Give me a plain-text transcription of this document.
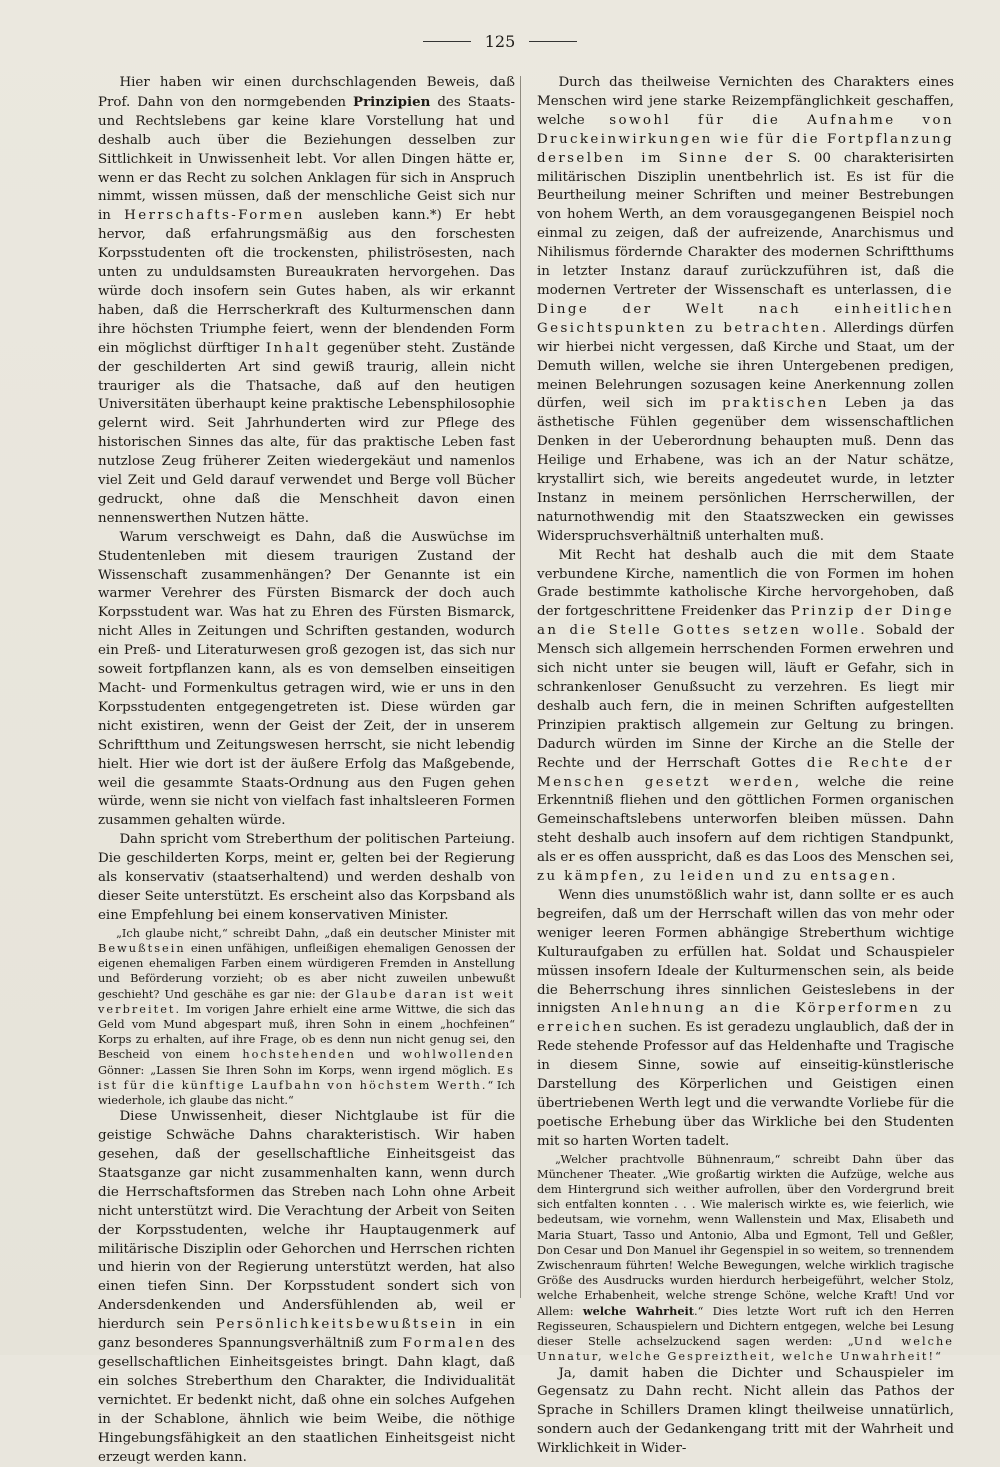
125

Hier haben wir einen durchschlagenden Beweis, daß Prof. Dahn von den normgebenden Prinzipien des Staats- und Rechtslebens gar keine klare Vorstellung hat und deshalb auch über die Beziehungen desselben zur Sittlichkeit in Unwissenheit lebt. Vor allen Dingen hätte er, wenn er das Recht zu solchen Anklagen für sich in Anspruch nimmt, wissen müssen, daß der menschliche Geist sich nur in Herrschafts-Formen ausleben kann.*) Er hebt hervor, daß erfahrungsmäßig aus den forschesten Korpsstudenten oft die trockensten, philiströsesten, nach unten zu unduldsamsten Bureaukraten hervorgehen. Das würde doch insofern sein Gutes haben, als wir erkannt haben, daß die Herrscherkraft des Kulturmenschen dann ihre höchsten Triumphe feiert, wenn der blendenden Form ein möglichst dürftiger Inhalt gegenüber steht. Zustände der geschilderten Art sind gewiß traurig, allein nicht trauriger als die Thatsache, daß auf den heutigen Universitäten überhaupt keine praktische Lebensphilosophie gelernt wird. Seit Jahrhunderten wird zur Pflege des historischen Sinnes das alte, für das praktische Leben fast nutzlose Zeug früherer Zeiten wiedergekäut und namenlos viel Zeit und Geld darauf verwendet und Berge voll Bücher gedruckt, ohne daß die Menschheit davon einen nennenswerthen Nutzen hätte.

Warum verschweigt es Dahn, daß die Auswüchse im Studentenleben mit diesem traurigen Zustand der Wissenschaft zusammenhängen? Der Genannte ist ein warmer Verehrer des Fürsten Bismarck der doch auch Korpsstudent war. Was hat zu Ehren des Fürsten Bismarck, nicht Alles in Zeitungen und Schriften gestanden, wodurch ein Preß- und Literaturwesen groß gezogen ist, das sich nur soweit fortpflanzen kann, als es von demselben einseitigen Macht- und Formenkultus getragen wird, wie er uns in den Korpsstudenten entgegengetreten ist. Diese würden gar nicht existiren, wenn der Geist der Zeit, der in unserem Schriftthum und Zeitungswesen herrscht, sie nicht lebendig hielt. Hier wie dort ist der äußere Erfolg das Maßgebende, weil die gesammte Staats-Ordnung aus den Fugen gehen würde, wenn sie nicht von vielfach fast inhaltsleeren Formen zusammen gehalten würde.

Dahn spricht vom Streberthum der politischen Parteiung. Die geschilderten Korps, meint er, gelten bei der Regierung als konservativ (staatserhaltend) und werden deshalb von dieser Seite unterstützt. Es erscheint also das Korpsband als eine Empfehlung bei einem konservativen Minister.

„Ich glaube nicht,“ schreibt Dahn, „daß ein deutscher Minister mit Bewußtsein einen unfähigen, unfleißigen ehemaligen Genossen der eigenen ehemaligen Farben einem würdigeren Fremden in Anstellung und Beförderung vorzieht; ob es aber nicht zuweilen unbewußt geschieht? Und geschähe es gar nie: der Glaube daran ist weit verbreitet. Im vorigen Jahre erhielt eine arme Wittwe, die sich das Geld vom Mund abgespart muß, ihren Sohn in einem „hochfeinen“ Korps zu erhalten, auf ihre Frage, ob es denn nun nicht genug sei, den Bescheid von einem hochstehenden und wohlwollenden Gönner: „Lassen Sie Ihren Sohn im Korps, wenn irgend möglich. Es ist für die künftige Laufbahn von höchstem Werth.“ Ich wiederhole, ich glaube das nicht.“

Diese Unwissenheit, dieser Nichtglaube ist für die geistige Schwäche Dahns charakteristisch. Wir haben gesehen, daß der gesellschaftliche Einheitsgeist das Staatsganze gar nicht zusammenhalten kann, wenn durch die Herrschaftsformen das Streben nach Lohn ohne Arbeit nicht unterstützt wird. Die Verachtung der Arbeit von Seiten der Korpsstudenten, welche ihr Hauptaugenmerk auf militärische Disziplin oder Gehorchen und Herrschen richten und hierin von der Regierung unterstützt werden, hat also einen tiefen Sinn. Der Korpsstudent sondert sich von Andersdenkenden und Andersfühlenden ab, weil er hierdurch sein Persönlichkeitsbewußtsein in ein ganz besonderes Spannungsverhältniß zum Formalen des gesellschaftlichen Einheitsgeistes bringt. Dahn klagt, daß ein solches Streberthum den Charakter, die Individualität vernichtet. Er bedenkt nicht, daß ohne ein solches Aufgehen in der Schablone, ähnlich wie beim Weibe, die nöthige Hingebungsfähigkeit an den staatlichen Einheitsgeist nicht erzeugt werden kann.

Durch das theilweise Vernichten des Charakters eines Menschen wird jene starke Reizempfänglichkeit geschaffen, welche sowohl für die Aufnahme von Druckeinwirkungen wie für die Fortpflanzung derselben im Sinne der S. 00 charakterisirten militärischen Disziplin unentbehrlich ist. Es ist für die Beurtheilung meiner Schriften und meiner Bestrebungen von hohem Werth, an dem vorausgegangenen Beispiel noch einmal zu zeigen, daß der aufreizende, Anarchismus und Nihilismus fördernde Charakter des modernen Schriftthums in letzter Instanz darauf zurückzuführen ist, daß die modernen Vertreter der Wissenschaft es unterlassen, die Dinge der Welt nach einheitlichen Gesichtspunkten zu betrachten. Allerdings dürfen wir hierbei nicht vergessen, daß Kirche und Staat, um der Demuth willen, welche sie ihren Untergebenen predigen, meinen Belehrungen sozusagen keine Anerkennung zollen dürfen, weil sich im praktischen Leben ja das ästhetische Fühlen gegenüber dem wissenschaftlichen Denken in der Ueberordnung behaupten muß. Denn das Heilige und Erhabene, was ich an der Natur schätze, krystallirt sich, wie bereits angedeutet wurde, in letzter Instanz in meinem persönlichen Herrscherwillen, der naturnothwendig mit den Staatszwecken ein gewisses Widerspruchsverhältniß unterhalten muß.

Mit Recht hat deshalb auch die mit dem Staate verbundene Kirche, namentlich die von Formen im hohen Grade bestimmte katholische Kirche hervorgehoben, daß der fortgeschrittene Freidenker das Prinzip der Dinge an die Stelle Gottes setzen wolle. Sobald der Mensch sich allgemein herrschenden Formen erwehren und sich nicht unter sie beugen will, läuft er Gefahr, sich in schrankenloser Genußsucht zu verzehren. Es liegt mir deshalb auch fern, die in meinen Schriften aufgestellten Prinzipien praktisch allgemein zur Geltung zu bringen. Dadurch würden im Sinne der Kirche an die Stelle der Rechte und der Herrschaft Gottes die Rechte der Menschen gesetzt werden, welche die reine Erkenntniß fliehen und den göttlichen Formen organischen Gemeinschaftslebens unterworfen bleiben müssen. Dahn steht deshalb auch insofern auf dem richtigen Standpunkt, als er es offen ausspricht, daß es das Loos des Menschen sei, zu kämpfen, zu leiden und zu entsagen.

Wenn dies unumstößlich wahr ist, dann sollte er es auch begreifen, daß um der Herrschaft willen das von mehr oder weniger leeren Formen abhängige Streberthum wichtige Kulturaufgaben zu erfüllen hat. Soldat und Schauspieler müssen insofern Ideale der Kulturmenschen sein, als beide die Beherrschung ihres sinnlichen Geisteslebens in der innigsten Anlehnung an die Körperformen zu erreichen suchen. Es ist geradezu unglaublich, daß der in Rede stehende Professor auf das Heldenhafte und Tragische in diesem Sinne, sowie auf einseitig-künstlerische Darstellung des Körperlichen und Geistigen einen übertriebenen Werth legt und die verwandte Vorliebe für die poetische Erhebung über das Wirkliche bei den Studenten mit so harten Worten tadelt.

„Welcher prachtvolle Bühnenraum,“ schreibt Dahn über das Münchener Theater. „Wie großartig wirkten die Aufzüge, welche aus dem Hintergrund sich weither aufrollen, über den Vordergrund breit sich entfalten konnten . . . Wie malerisch wirkte es, wie feierlich, wie bedeutsam, wie vornehm, wenn Wallenstein und Max, Elisabeth und Maria Stuart, Tasso und Antonio, Alba und Egmont, Tell und Geßler, Don Cesar und Don Manuel ihr Gegenspiel in so weitem, so trennendem Zwischenraum führten! Welche Bewegungen, welche wirklich tragische Größe des Ausdrucks wurden hierdurch herbeigeführt, welcher Stolz, welche Erhabenheit, welche strenge Schöne, welche Kraft! Und vor Allem: welche Wahrheit.“ Dies letzte Wort ruft ich den Herren Regisseuren, Schauspielern und Dichtern entgegen, welche bei Lesung dieser Stelle achselzuckend sagen werden: „Und welche Unnatur, welche Gespreiztheit, welche Unwahrheit!“

Ja, damit haben die Dichter und Schauspieler im Gegensatz zu Dahn recht. Nicht allein das Pathos der Sprache in Schillers Dramen klingt theilweise unnatürlich, sondern auch der Gedankengang tritt mit der Wahrheit und Wirklichkeit in Wider-
